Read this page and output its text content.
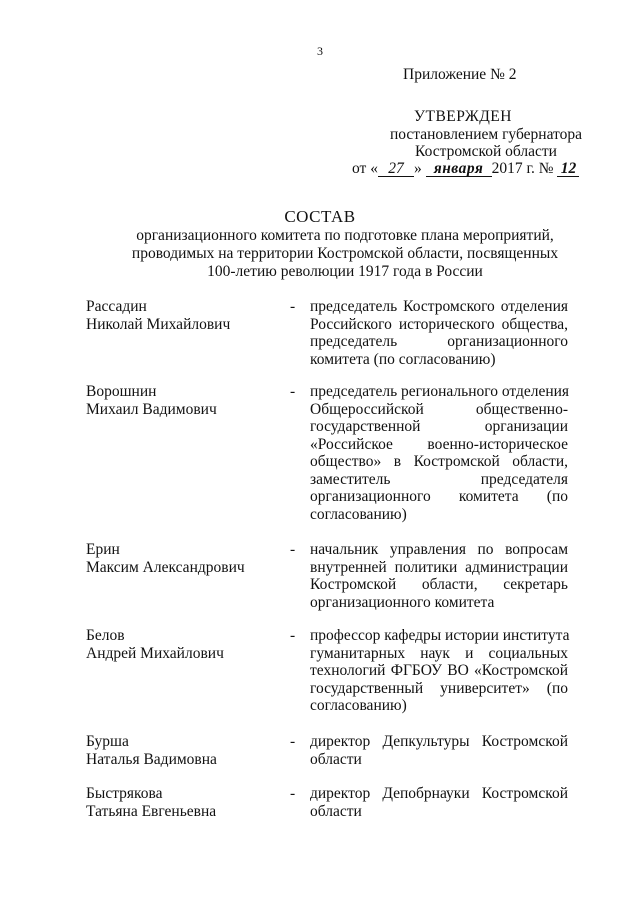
3
Приложение № 2
УТВЕРЖДЕН
постановлением губернатора
Костромской области
от « 27 » января 2017 г. № 12
СОСТАВ
организационного комитета по подготовке плана мероприятий,
проводимых на территории Костромской области, посвященных
100-летию революции 1917 года в России
Рассадин
Николай Михайлович
- председатель Костромского отделения
Российского исторического общества,
председатель организационного
комитета (по согласованию)
Ворошнин
Михаил Вадимович
- председатель регионального отделения
Общероссийской общественно-
государственной организации
«Российское военно-историческое
общество» в Костромской области,
заместитель председателя
организационного комитета (по
согласованию)
Ерин
Максим Александрович
- начальник управления по вопросам
внутренней политики администрации
Костромской области, секретарь
организационного комитета
Белов
Андрей Михайлович
- профессор кафедры истории института
гуманитарных наук и социальных
технологий ФГБОУ ВО «Костромской
государственный университет» (по
согласованию)
Бурша
Наталья Вадимовна
- директор Депкультуры Костромской
области
Быстрякова
Татьяна Евгеньевна
- директор Депобрнауки Костромской
области
